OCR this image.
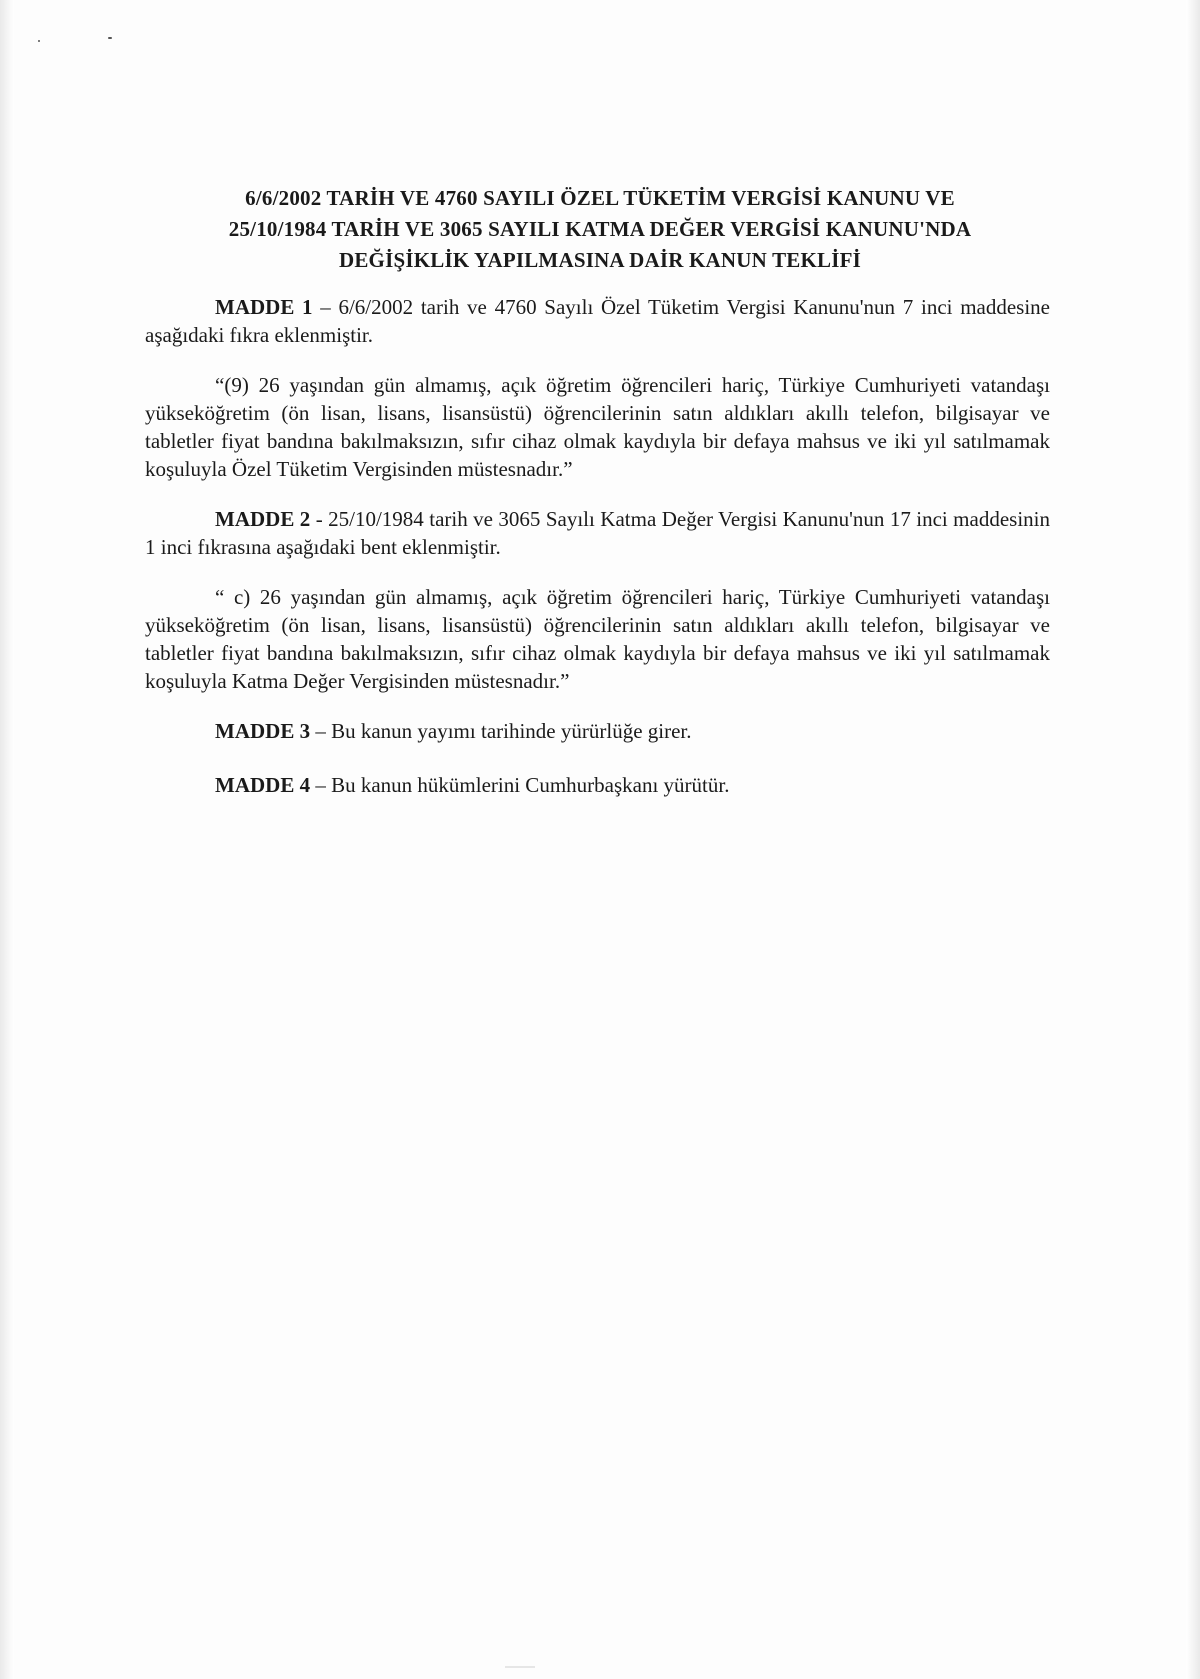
6/6/2002 TARİH VE 4760 SAYILI ÖZEL TÜKETİM VERGİSİ KANUNU VE
25/10/1984 TARİH VE 3065 SAYILI KATMA DEĞER VERGİSİ KANUNU'NDA
DEĞİŞİKLİK YAPILMASINA DAİR KANUN TEKLİFİ

MADDE 1 – 6/6/2002 tarih ve 4760 Sayılı Özel Tüketim Vergisi Kanunu'nun 7 inci maddesine aşağıdaki fıkra eklenmiştir.

“(9) 26 yaşından gün almamış, açık öğretim öğrencileri hariç, Türkiye Cumhuriyeti vatandaşı yükseköğretim (ön lisan, lisans, lisansüstü) öğrencilerinin satın aldıkları akıllı telefon, bilgisayar ve tabletler fiyat bandına bakılmaksızın, sıfır cihaz olmak kaydıyla bir defaya mahsus ve iki yıl satılmamak koşuluyla Özel Tüketim Vergisinden müstesnadır.”

MADDE 2 - 25/10/1984 tarih ve 3065 Sayılı Katma Değer Vergisi Kanunu'nun 17 inci maddesinin 1 inci fıkrasına aşağıdaki bent eklenmiştir.

“ c) 26 yaşından gün almamış, açık öğretim öğrencileri hariç, Türkiye Cumhuriyeti vatandaşı yükseköğretim (ön lisan, lisans, lisansüstü) öğrencilerinin satın aldıkları akıllı telefon, bilgisayar ve tabletler fiyat bandına bakılmaksızın, sıfır cihaz olmak kaydıyla bir defaya mahsus ve iki yıl satılmamak koşuluyla Katma Değer Vergisinden müstesnadır.”

MADDE 3 – Bu kanun yayımı tarihinde yürürlüğe girer.

MADDE 4 – Bu kanun hükümlerini Cumhurbaşkanı yürütür.
